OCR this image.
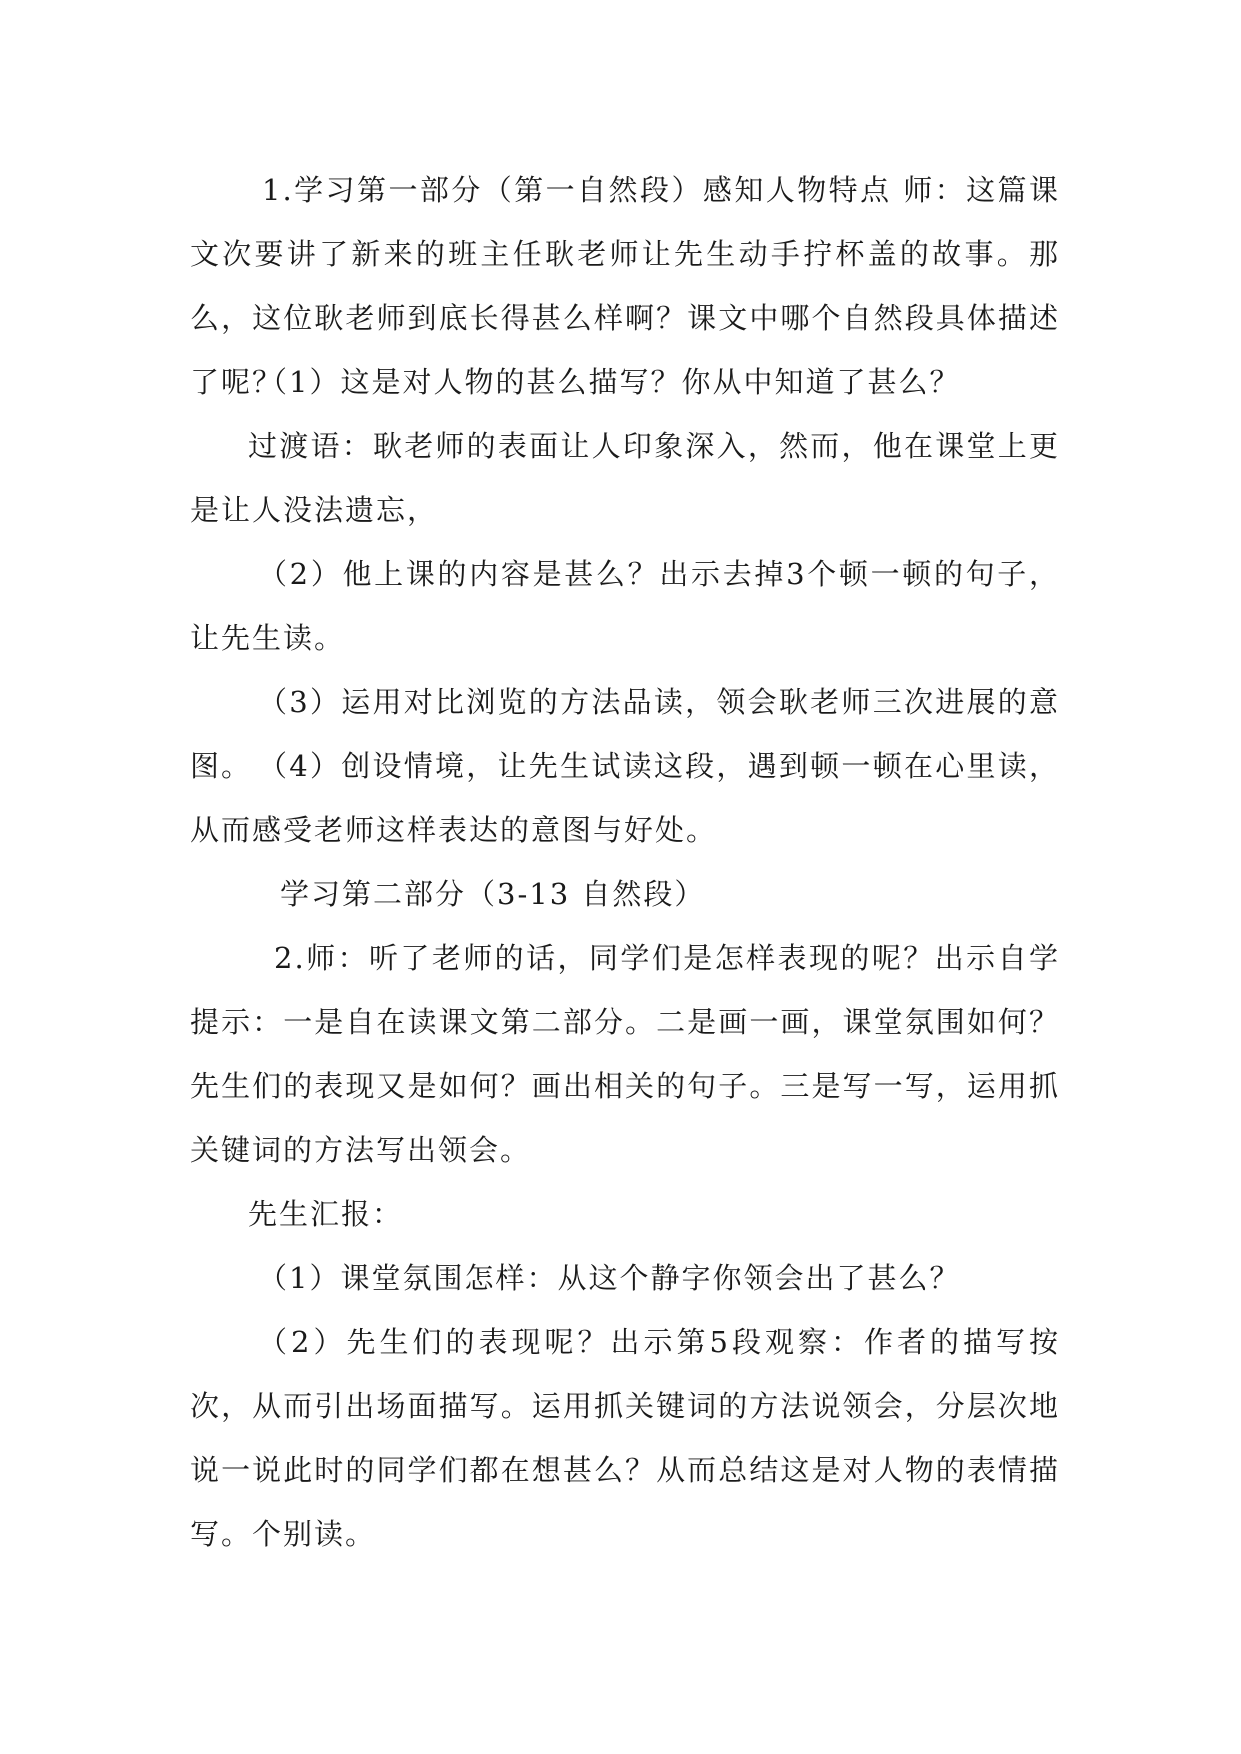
1.学习第一部分（第一自然段）感知人物特点 师：这篇课文次要讲了新来的班主任耿老师让先生动手拧杯盖的故事。那么，这位耿老师到底长得甚么样啊？课文中哪个自然段具体描述了呢？

（1）这是对人物的甚么描写？你从中知道了甚么？

过渡语：耿老师的表面让人印象深入，然而，他在课堂上更是让人没法遗忘，

（2）他上课的内容是甚么？出示去掉3个顿一顿的句子，让先生读。

（3）运用对比浏览的方法品读，领会耿老师三次进展的意图。 （4）创设情境，让先生试读这段，遇到顿一顿在心里读，从而感受老师这样表达的意图与好处。

学习第二部分（3-13 自然段）

2.师：听了老师的话，同学们是怎样表现的呢？出示自学提示：一是自在读课文第二部分。二是画一画，课堂氛围如何？先生们的表现又是如何？画出相关的句子。三是写一写，运用抓关键词的方法写出领会。

先生汇报：

（1）课堂氛围怎样：从这个静字你领会出了甚么？

（2）先生们的表现呢？出示第5段观察：作者的描写按次，从而引出场面描写。运用抓关键词的方法说领会，分层次地说一说此时的同学们都在想甚么？从而总结这是对人物的表情描写。个别读。
